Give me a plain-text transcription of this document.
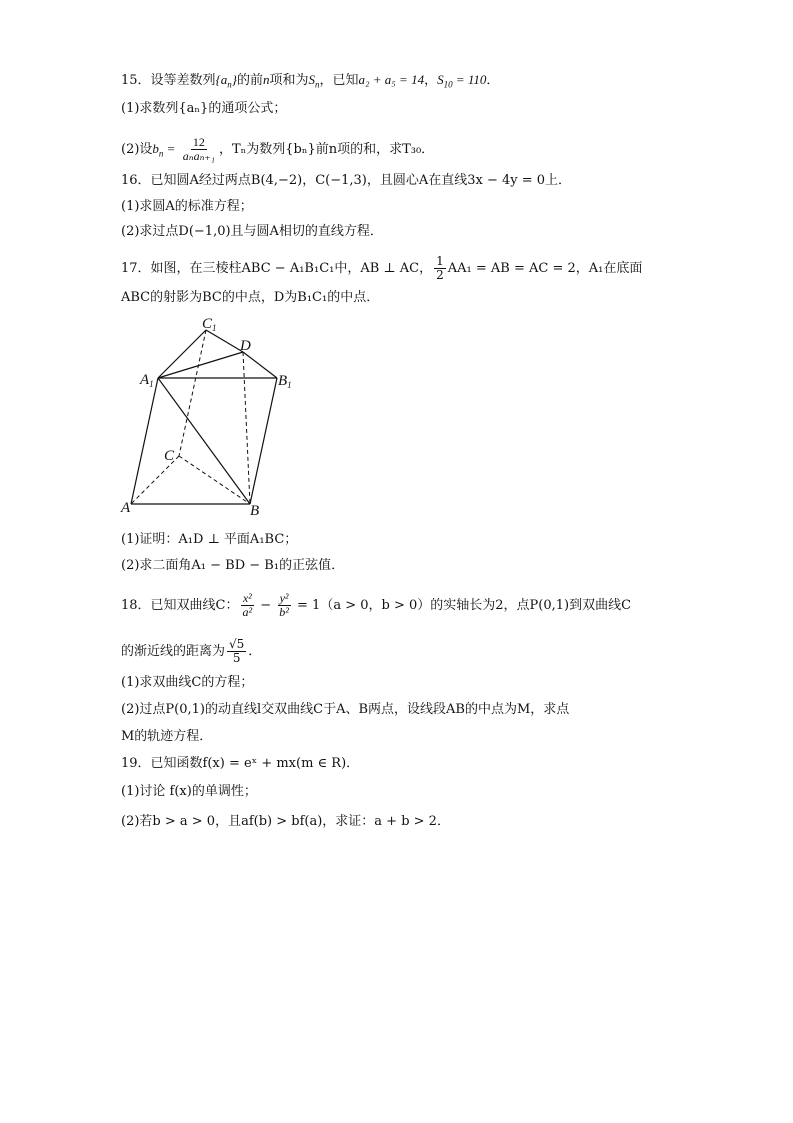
15．设等差数列$\{a_n\}$的前n项和为$S_n$，已知a₂ + a₅ = 14，$S_{10} = 110$．
(1)求数列{aₙ}的通项公式；
(2)设$b_n = \frac{12}{\text{aₙaₙ₊₁}}$ ，Tₙ为数列{bₙ}前n项的和，求T₃₀．
16．已知圆A经过两点B(4,−2)，C(−1,3)，且圆心A在直线3x − 4y = 0上．
(1)求圆A的标准方程；
(2)求过点D(−1,0)且与圆A相切的直线方程．
17．如图，在三棱柱ABC − A₁B₁C₁中，AB ⊥ AC， $\frac{1}{2} AA_1$ = AB = AC = 2，A₁在底面
ABC的射影为BC的中点，D为B₁C₁的中点．
$C_1$
D
$A_1$	$B_1$
C
A	B
(1)证明：A₁D ⊥ 平面A₁BC；
(2)求二面角A₁ − BD − B₁的正弦值．
18．已知双曲线C： $\frac{\text{x²}}{\text{a²}} - \frac{\text{y²}}{\text{b²}} = 1(a > 0$，b > 0）的实轴长为2，点P(0,1)到双曲线C
的渐近线的距离为 $\frac{√5}{5}$ ．
(1)求双曲线C的方程；
(2)过点P(0,1)的动直线l交双曲线C于A、B两点，设线段AB的中点为M，求点
M的轨迹方程．
19．已知函数f(x) = eˣ + mx(m ∈ R)．
(1)讨论 f(x)的单调性；
(2)若b > a > 0，且af(b) > bf(a)，求证：a + b > 2．
